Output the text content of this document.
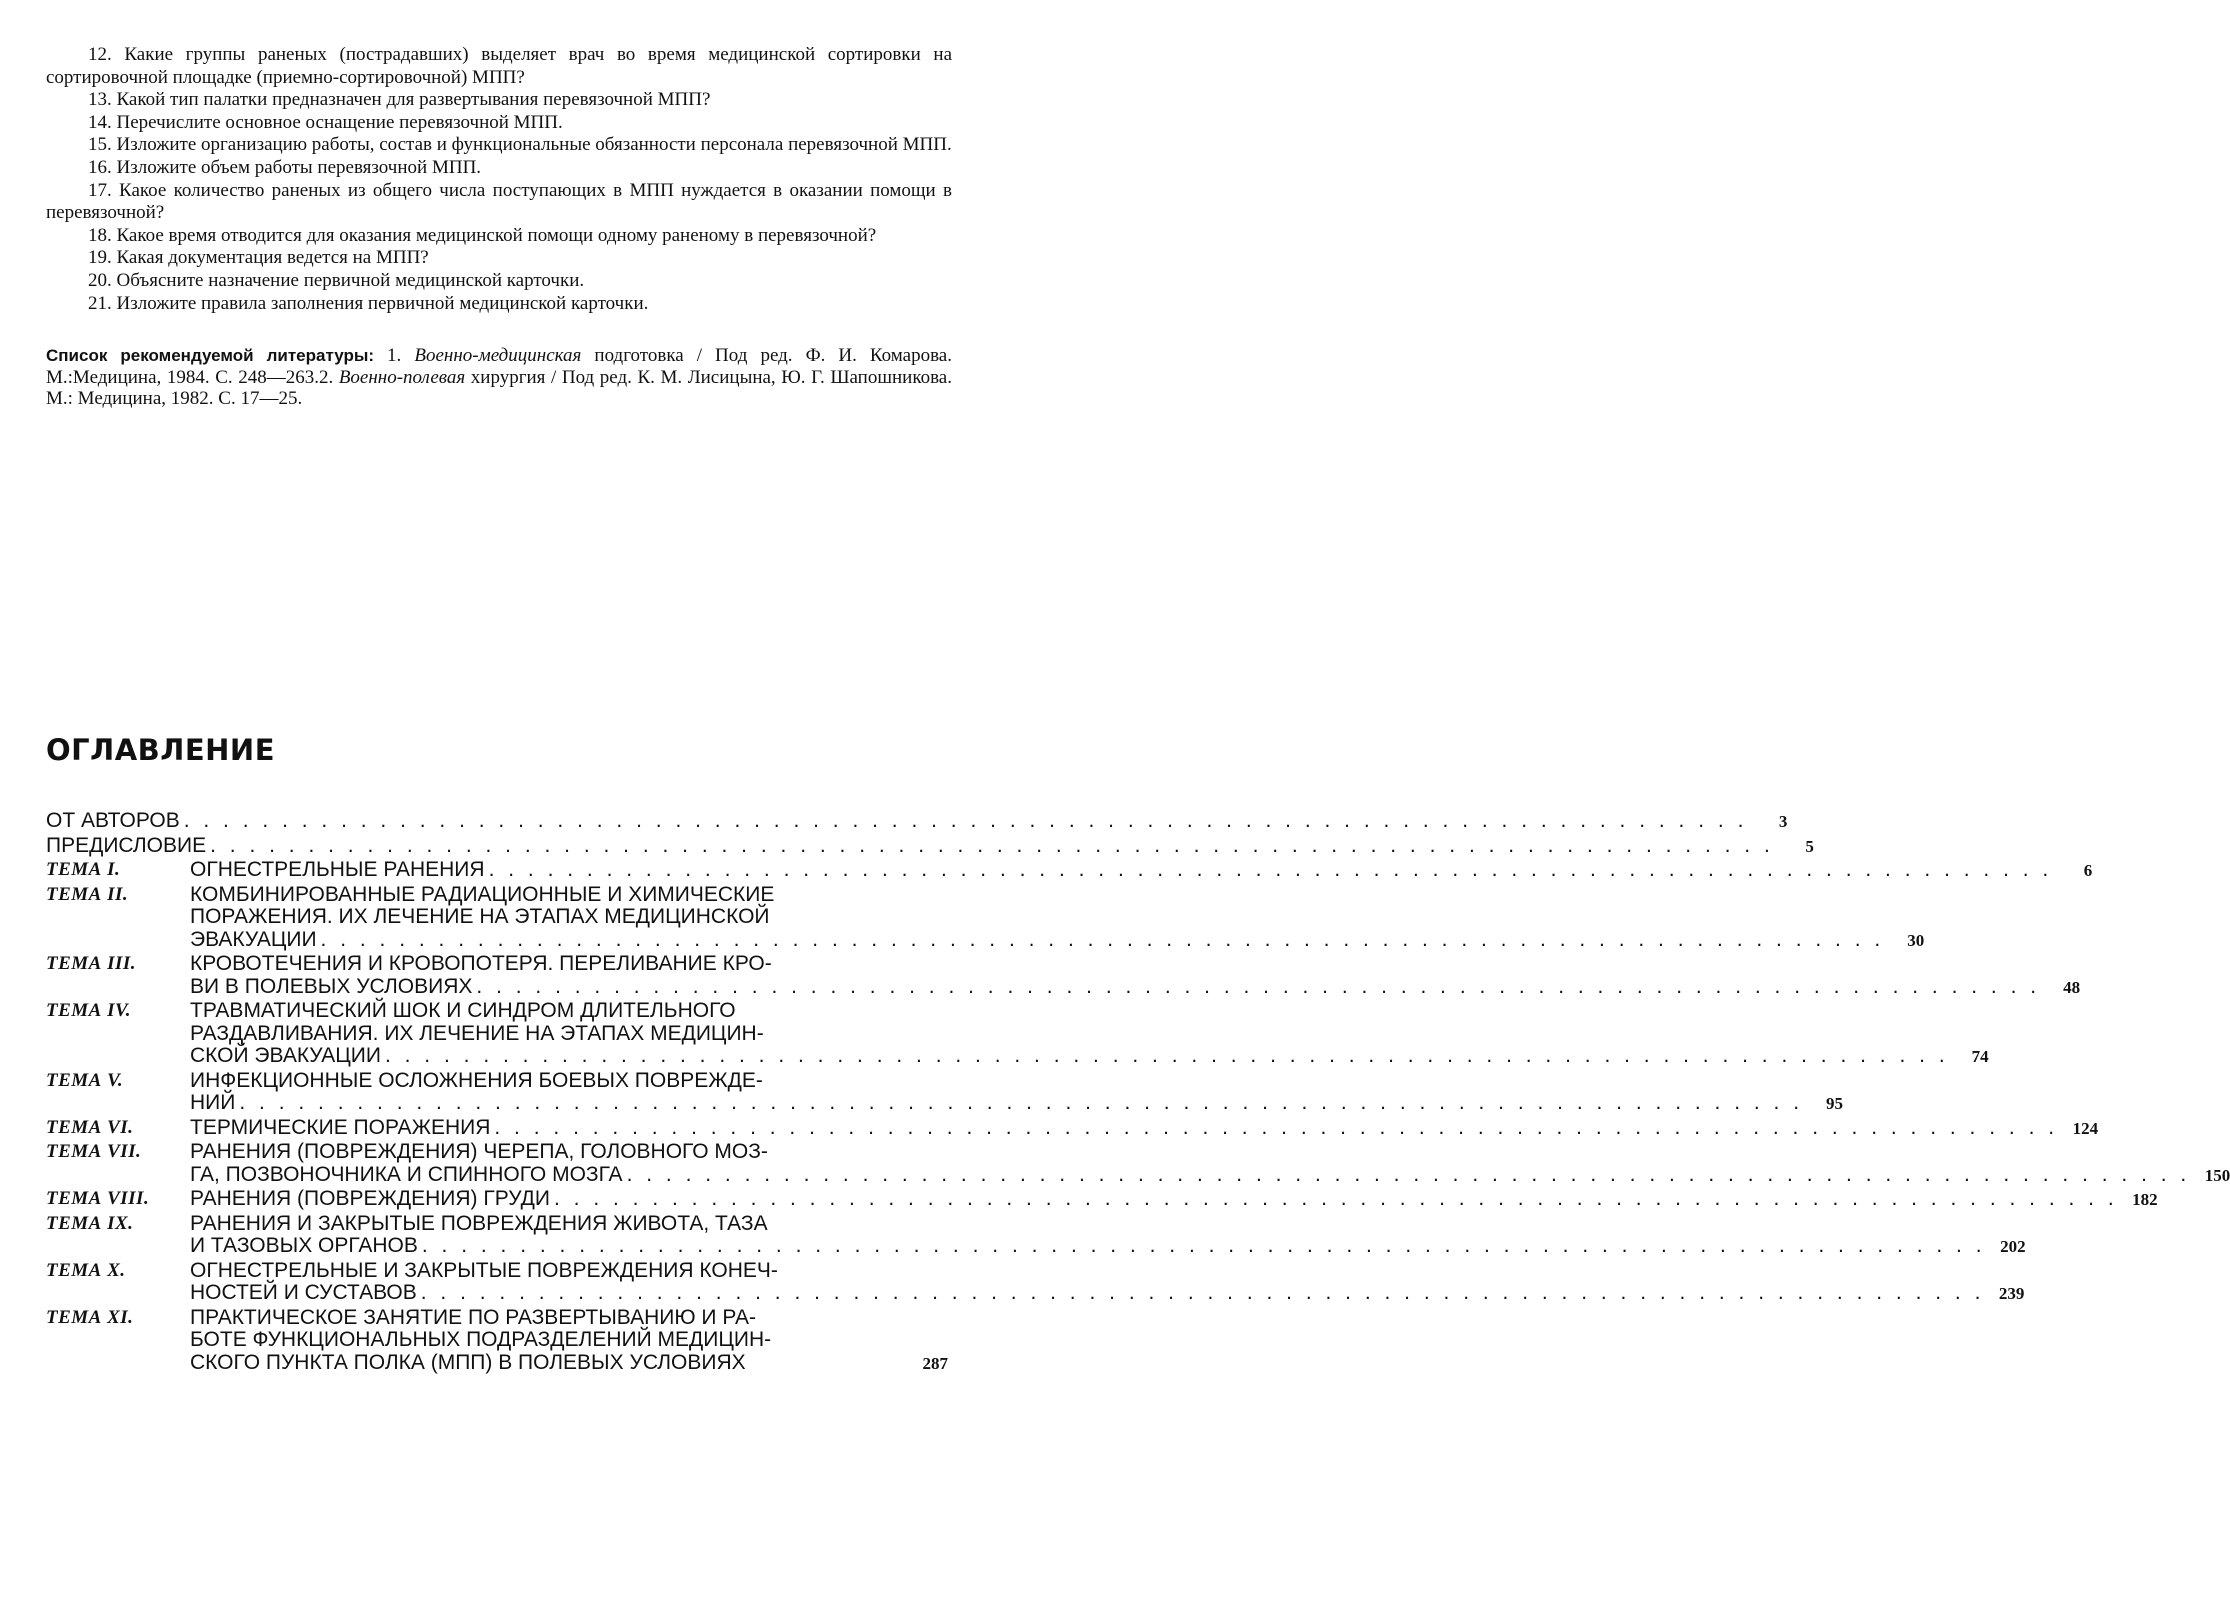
12. Какие группы раненых (пострадавших) выделяет врач во время медицинской сортировки на сортировочной площадке (приемно-сортировочной) МПП?

13. Какой тип палатки предназначен для развертывания перевязочной МПП?

14. Перечислите основное оснащение перевязочной МПП.

15. Изложите организацию работы, состав и функциональные обязанности персонала перевязочной МПП.

16. Изложите объем работы перевязочной МПП.

17. Какое количество раненых из общего числа поступающих в МПП нуждается в оказании помощи в перевязочной?

18. Какое время отводится для оказания медицинской помощи одному раненому в перевязочной?

19. Какая документация ведется на МПП?

20. Объясните назначение первичной медицинской карточки.

21. Изложите правила заполнения первичной медицинской карточки.

Список рекомендуемой литературы: 1. Военно-медицинская подготовка / Под ред. Ф. И. Комарова. М.:Медицина, 1984. С. 248—263.2. Военно-полевая хирургия / Под ред. К. М. Лисицына, Ю. Г. Шапошникова. М.: Медицина, 1982. С. 17—25.
ОГЛАВЛЕНИЕ
ОТ АВТОРОВ . . . . . . . . . . . . . . . . . . . . . . . . . . . . . . . . . . . . . . . . . . . . . . . . . . . . . . . . . . . . . . . . . . . . . . . . . . . . . . . .	3
ПРЕДИСЛОВИЕ . . . . . . . . . . . . . . . . . . . . . . . . . . . . . . . . . . . . . . . . . . . . . . . . . . . . . . . . . . . . . . . . . . . . . . . . . . . . . . . .	5
ТЕМА I.	ОГНЕСТРЕЛЬНЫЕ РАНЕНИЯ . . . . . . . . . . . . . . . . . . . . . . . . . . . . . . . . . . . . . . . . . . . . . . . . . . . . . . . . . . . . . . . . . . . . . . . . . . . . . . . .	6
ТЕМА II.	КОМБИНИРОВАННЫЕ РАДИАЦИОННЫЕ И ХИМИЧЕСКИЕ
ПОРАЖЕНИЯ. ИХ ЛЕЧЕНИЕ НА ЭТАПАХ МЕДИЦИНСКОЙ
ЭВАКУАЦИИ . . . . . . . . . . . . . . . . . . . . . . . . . . . . . . . . . . . . . . . . . . . . . . . . . . . . . . . . . . . . . . . . . . . . . . . . . . . . . . . .	30
ТЕМА III.	КРОВОТЕЧЕНИЯ И КРОВОПОТЕРЯ. ПЕРЕЛИВАНИЕ КРО-
ВИ В ПОЛЕВЫХ УСЛОВИЯХ . . . . . . . . . . . . . . . . . . . . . . . . . . . . . . . . . . . . . . . . . . . . . . . . . . . . . . . . . . . . . . . . . . . . . . . . . . . . . . . .	48
ТЕМА IV.	ТРАВМАТИЧЕСКИЙ ШОК И СИНДРОМ ДЛИТЕЛЬНОГО
РАЗДАВЛИВАНИЯ. ИХ ЛЕЧЕНИЕ НА ЭТАПАХ МЕДИЦИН-
СКОЙ ЭВАКУАЦИИ . . . . . . . . . . . . . . . . . . . . . . . . . . . . . . . . . . . . . . . . . . . . . . . . . . . . . . . . . . . . . . . . . . . . . . . . . . . . . . . .	74
ТЕМА V.	ИНФЕКЦИОННЫЕ ОСЛОЖНЕНИЯ БОЕВЫХ ПОВРЕЖДЕ-
НИЙ . . . . . . . . . . . . . . . . . . . . . . . . . . . . . . . . . . . . . . . . . . . . . . . . . . . . . . . . . . . . . . . . . . . . . . . . . . . . . . . .	95
ТЕМА VI.	ТЕРМИЧЕСКИЕ ПОРАЖЕНИЯ . . . . . . . . . . . . . . . . . . . . . . . . . . . . . . . . . . . . . . . . . . . . . . . . . . . . . . . . . . . . . . . . . . . . . . . . . . . . . . . . 124
ТЕМА VII.	РАНЕНИЯ (ПОВРЕЖДЕНИЯ) ЧЕРЕПА, ГОЛОВНОГО МОЗ-
ГА, ПОЗВОНОЧНИКА И СПИННОГО МОЗГА . . . . . . . . . . . . . . . . . . . . . . . . . . . . . . . . . . . . . . . . . . . . . . . . . . . . . . . . . . . . . . . . . . . . . . . . . . . . . . . . 150
ТЕМА VIII.	РАНЕНИЯ (ПОВРЕЖДЕНИЯ) ГРУДИ . . . . . . . . . . . . . . . . . . . . . . . . . . . . . . . . . . . . . . . . . . . . . . . . . . . . . . . . . . . . . . . . . . . . . . . . . . . . . . . . 182
ТЕМА IX.	РАНЕНИЯ И ЗАКРЫТЫЕ ПОВРЕЖДЕНИЯ ЖИВОТА, ТАЗА
И ТАЗОВЫХ ОРГАНОВ . . . . . . . . . . . . . . . . . . . . . . . . . . . . . . . . . . . . . . . . . . . . . . . . . . . . . . . . . . . . . . . . . . . . . . . . . . . . . . . . 202
ТЕМА X.	ОГНЕСТРЕЛЬНЫЕ И ЗАКРЫТЫЕ ПОВРЕЖДЕНИЯ КОНЕЧ-
НОСТЕЙ И СУСТАВОВ . . . . . . . . . . . . . . . . . . . . . . . . . . . . . . . . . . . . . . . . . . . . . . . . . . . . . . . . . . . . . . . . . . . . . . . . . . . . . . . . 239
ТЕМА XI.	ПРАКТИЧЕСКОЕ ЗАНЯТИЕ ПО РАЗВЕРТЫВАНИЮ И РА-
БОТЕ ФУНКЦИОНАЛЬНЫХ ПОДРАЗДЕЛЕНИЙ МЕДИЦИН-
СКОГО ПУНКТА ПОЛКА (МПП) В ПОЛЕВЫХ УСЛОВИЯХ	287
